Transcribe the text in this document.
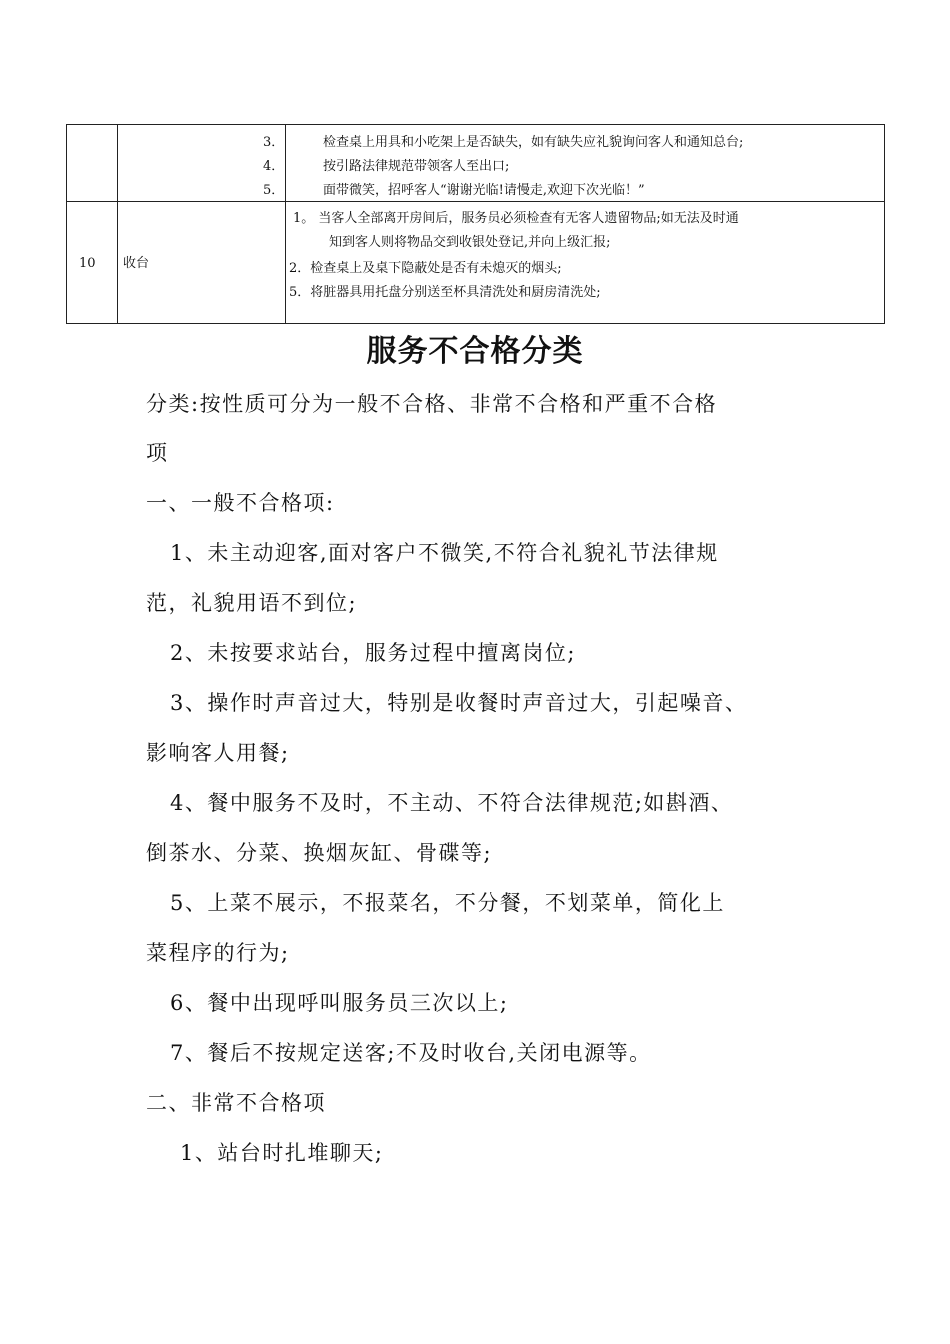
3．	检查桌上用具和小吃架上是否缺失，如有缺失应礼貌询问客人和通知总台;
4．	按引路法律规范带领客人至出口;
5．	面带微笑，招呼客人“谢谢光临!请慢走,欢迎下次光临！”
10 收台
1。 当客人全部离开房间后，服务员必须检查有无客人遗留物品;如无法及时通
知到客人则将物品交到收银处登记,并向上级汇报;
2．检查桌上及桌下隐蔽处是否有未熄灭的烟头;
5．将脏器具用托盘分别送至杯具清洗处和厨房清洗处;
服务不合格分类
分类:按性质可分为一般不合格、非常不合格和严重不合格
项
一、一般不合格项:
1、未主动迎客,面对客户不微笑,不符合礼貌礼节法律规
范，礼貌用语不到位;
2、未按要求站台，服务过程中擅离岗位;
3、操作时声音过大，特别是收餐时声音过大，引起噪音、
影响客人用餐;
4、餐中服务不及时，不主动、不符合法律规范;如斟酒、
倒茶水、分菜、换烟灰缸、骨碟等;
5、上菜不展示，不报菜名，不分餐，不划菜单，简化上
菜程序的行为;
6、餐中出现呼叫服务员三次以上;
7、餐后不按规定送客;不及时收台,关闭电源等。
二、非常不合格项
1、站台时扎堆聊天;
